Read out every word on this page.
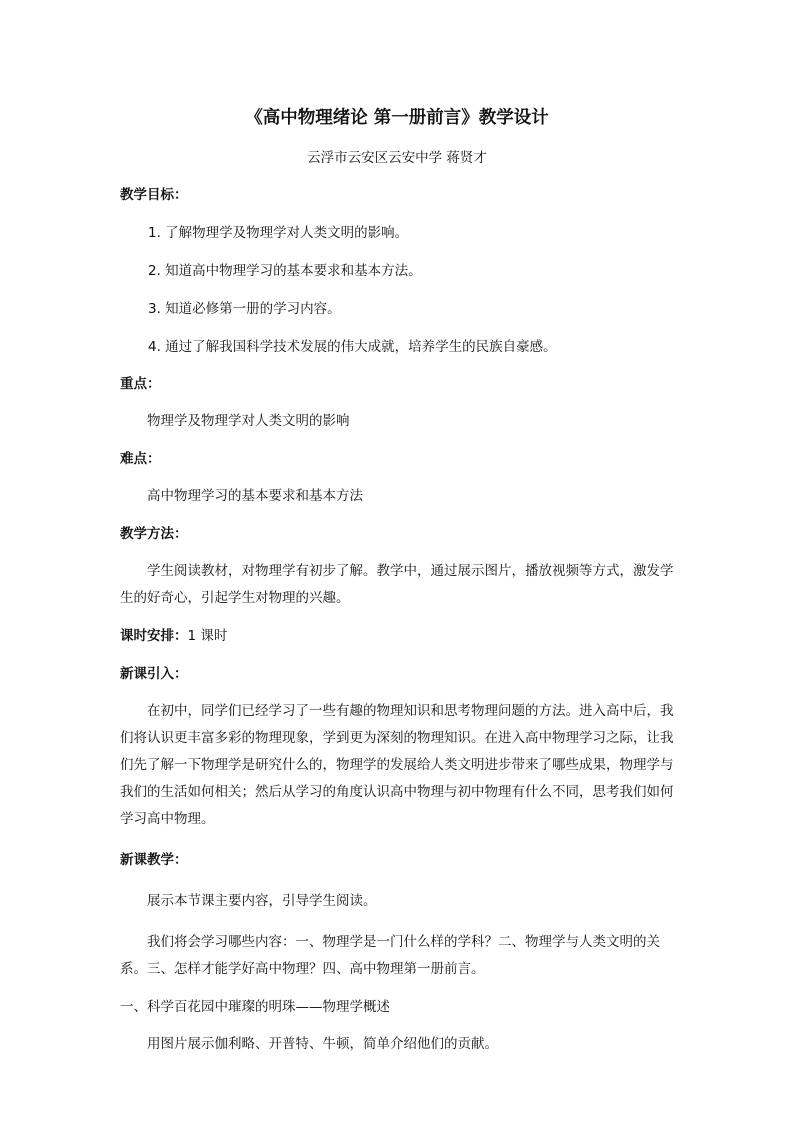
《高中物理绪论 第一册前言》教学设计
云浮市云安区云安中学 蒋贤才
教学目标：
1. 了解物理学及物理学对人类文明的影响。
2. 知道高中物理学习的基本要求和基本方法。
3. 知道必修第一册的学习内容。
4. 通过了解我国科学技术发展的伟大成就，培养学生的民族自豪感。
重点：
物理学及物理学对人类文明的影响
难点：
高中物理学习的基本要求和基本方法
教学方法：
学生阅读教材，对物理学有初步了解。教学中，通过展示图片，播放视频等方式，激发学生的好奇心，引起学生对物理的兴趣。
课时安排：1 课时
新课引入：
在初中，同学们已经学习了一些有趣的物理知识和思考物理问题的方法。进入高中后，我们将认识更丰富多彩的物理现象，学到更为深刻的物理知识。在进入高中物理学习之际，让我们先了解一下物理学是研究什么的，物理学的发展给人类文明进步带来了哪些成果，物理学与我们的生活如何相关；然后从学习的角度认识高中物理与初中物理有什么不同，思考我们如何学习高中物理。
新课教学：
展示本节课主要内容，引导学生阅读。
我们将会学习哪些内容：一、物理学是一门什么样的学科？二、物理学与人类文明的关系。三、怎样才能学好高中物理？四、高中物理第一册前言。
一、科学百花园中璀璨的明珠——物理学概述
用图片展示伽利略、开普特、牛顿，简单介绍他们的贡献。
